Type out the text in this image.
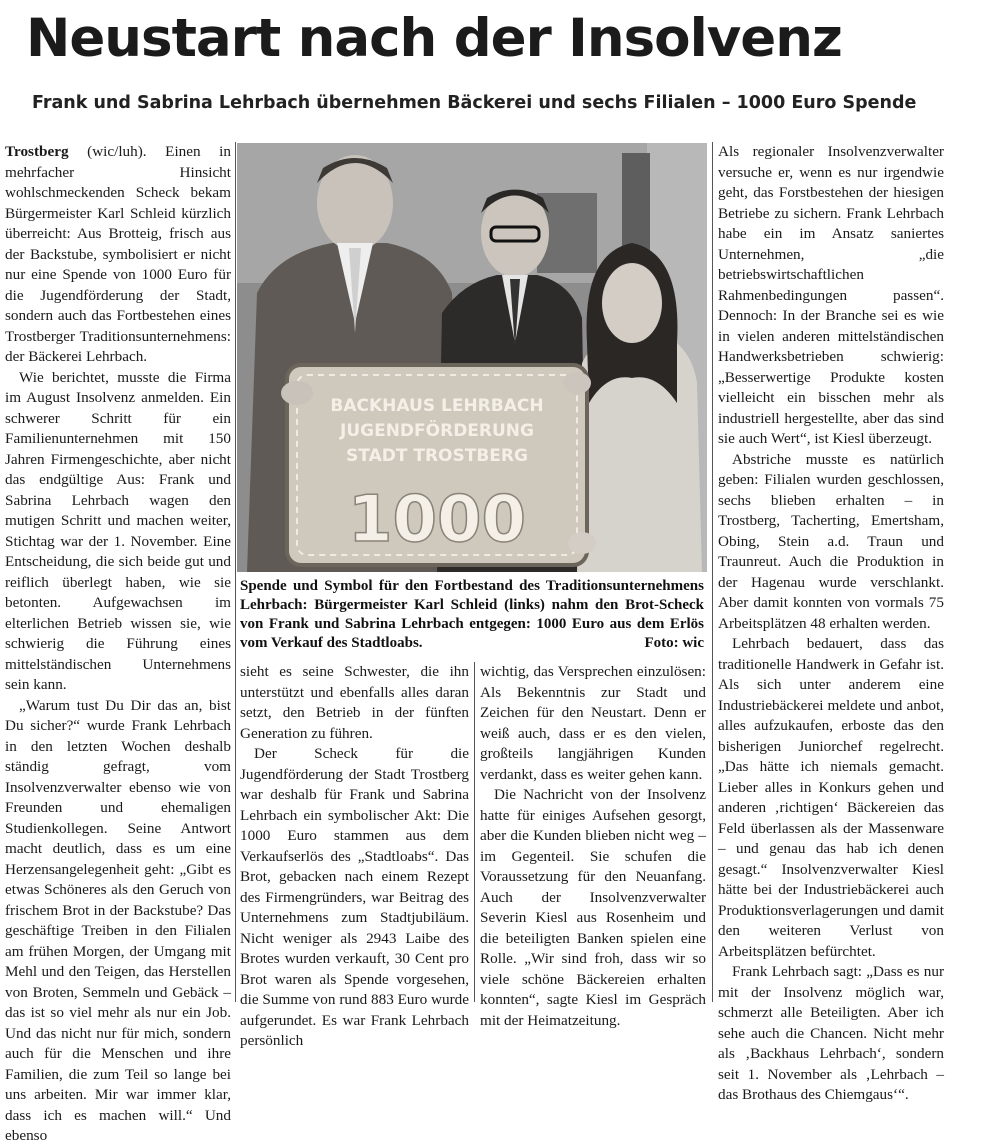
Neustart nach der Insolvenz
Frank und Sabrina Lehrbach übernehmen Bäckerei und sechs Filialen – 1000 Euro Spende

Trostberg (wic/luh). Einen in mehrfacher Hinsicht wohlschmeckenden Scheck bekam Bürgermeister Karl Schleid kürzlich überreicht: Aus Brotteig, frisch aus der Backstube, symbolisiert er nicht nur eine Spende von 1000 Euro für die Jugendförderung der Stadt, sondern auch das Fortbestehen eines Trostberger Traditionsunternehmens: der Bäckerei Lehrbach.

Wie berichtet, musste die Firma im August Insolvenz anmelden. Ein schwerer Schritt für ein Familienunternehmen mit 150 Jahren Firmengeschichte, aber nicht das endgültige Aus: Frank und Sabrina Lehrbach wagen den mutigen Schritt und machen weiter, Stichtag war der 1. November. Eine Entscheidung, die sich beide gut und reiflich überlegt haben, wie sie betonten. Aufgewachsen im elterlichen Betrieb wissen sie, wie schwierig die Führung eines mittelständischen Unternehmens sein kann.

„Warum tust Du Dir das an, bist Du sicher?“ wurde Frank Lehrbach in den letzten Wochen deshalb ständig gefragt, vom Insolvenzverwalter ebenso wie von Freunden und ehemaligen Studienkollegen. Seine Antwort macht deutlich, dass es um eine Herzensangelegenheit geht: „Gibt es etwas Schöneres als den Geruch von frischem Brot in der Backstube? Das geschäftige Treiben in den Filialen am frühen Morgen, der Umgang mit Mehl und den Teigen, das Herstellen von Broten, Semmeln und Gebäck – das ist so viel mehr als nur ein Job. Und das nicht nur für mich, sondern auch für die Menschen und ihre Familien, die zum Teil so lange bei uns arbeiten. Mir war immer klar, dass ich es machen will.“ Und ebenso

BACKHAUS LEHRBACH
JUGENDFÖRDERUNG
STADT TROSTBERG
1000

Spende und Symbol für den Fortbestand des Traditionsunternehmens Lehrbach: Bürgermeister Karl Schleid (links) nahm den Brot-Scheck von Frank und Sabrina Lehrbach entgegen: 1000 Euro aus dem Erlös vom Verkauf des Stadtloabs.	Foto: wic

sieht es seine Schwester, die ihn unterstützt und ebenfalls alles daran setzt, den Betrieb in der fünften Generation zu führen.

Der Scheck für die Jugendförderung der Stadt Trostberg war deshalb für Frank und Sabrina Lehrbach ein symbolischer Akt: Die 1000 Euro stammen aus dem Verkaufserlös des „Stadtloabs“. Das Brot, gebacken nach einem Rezept des Firmengründers, war Beitrag des Unternehmens zum Stadtjubiläum. Nicht weniger als 2943 Laibe des Brotes wurden verkauft, 30 Cent pro Brot waren als Spende vorgesehen, die Summe von rund 883 Euro wurde aufgerundet. Es war Frank Lehrbach persönlich

wichtig, das Versprechen einzulösen: Als Bekenntnis zur Stadt und Zeichen für den Neustart. Denn er weiß auch, dass er es den vielen, großteils langjährigen Kunden verdankt, dass es weiter gehen kann.

Die Nachricht von der Insolvenz hatte für einiges Aufsehen gesorgt, aber die Kunden blieben nicht weg – im Gegenteil. Sie schufen die Voraussetzung für den Neuanfang. Auch der Insolvenzverwalter Severin Kiesl aus Rosenheim und die beteiligten Banken spielen eine Rolle. „Wir sind froh, dass wir so viele schöne Bäckereien erhalten konnten“, sagte Kiesl im Gespräch mit der Heimatzeitung.

Als regionaler Insolvenzverwalter versuche er, wenn es nur irgendwie geht, das Forstbestehen der hiesigen Betriebe zu sichern. Frank Lehrbach habe ein im Ansatz saniertes Unternehmen, „die betriebswirtschaftlichen Rahmenbedingungen passen“. Dennoch: In der Branche sei es wie in vielen anderen mittelständischen Handwerksbetrieben schwierig: „Besserwertige Produkte kosten vielleicht ein bisschen mehr als industriell hergestellte, aber das sind sie auch Wert“, ist Kiesl überzeugt.

Abstriche musste es natürlich geben: Filialen wurden geschlossen, sechs blieben erhalten – in Trostberg, Tacherting, Emertsham, Obing, Stein a.d. Traun und Traunreut. Auch die Produktion in der Hagenau wurde verschlankt. Aber damit konnten von vormals 75 Arbeitsplätzen 48 erhalten werden.

Lehrbach bedauert, dass das traditionelle Handwerk in Gefahr ist. Als sich unter anderem eine Industriebäckerei meldete und anbot, alles aufzukaufen, erboste das den bisherigen Juniorchef regelrecht. „Das hätte ich niemals gemacht. Lieber alles in Konkurs gehen und anderen ‚richtigen‘ Bäckereien das Feld überlassen als der Massenware – und genau das hab ich denen gesagt.“ Insolvenzverwalter Kiesl hätte bei der Industriebäckerei auch Produktionsverlagerungen und damit den weiteren Verlust von Arbeitsplätzen befürchtet.

Frank Lehrbach sagt: „Dass es nur mit der Insolvenz möglich war, schmerzt alle Beteiligten. Aber ich sehe auch die Chancen. Nicht mehr als ‚Backhaus Lehrbach‘, sondern seit 1. November als ‚Lehrbach – das Brothaus des Chiemgaus‘“.
